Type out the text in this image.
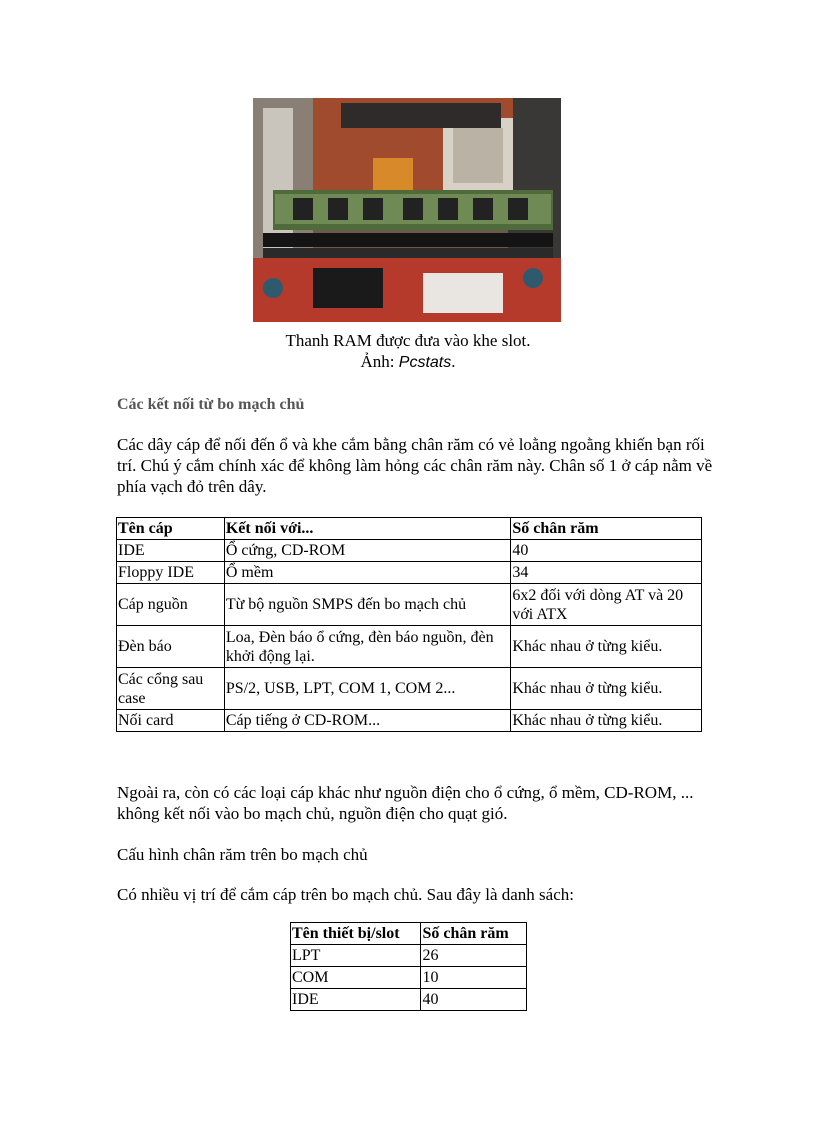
Thanh RAM được đưa vào khe slot.
Ảnh: Pcstats.
Các kết nối từ bo mạch chủ
Các dây cáp để nối đến ổ và khe cắm bằng chân răm có vẻ loằng ngoằng khiến bạn rối trí. Chú ý cắm chính xác để không làm hỏng các chân răm này. Chân số 1 ở cáp nằm về phía vạch đỏ trên dây.
Tên cáp	Kết nối với...	Số chân răm
IDE	Ổ cứng, CD-ROM	40
Floppy IDE	Ổ mềm	34
Cáp nguồn	Từ bộ nguồn SMPS đến bo mạch chủ	6x2 đối với dòng AT và 20 với ATX
Đèn báo	Loa, Đèn báo ổ cứng, đèn báo nguồn, đèn khởi động lại.	Khác nhau ở từng kiểu.
Các cổng sau case	PS/2, USB, LPT, COM 1, COM 2...	Khác nhau ở từng kiểu.
Nối card	Cáp tiếng ở CD-ROM...	Khác nhau ở từng kiểu.
Ngoài ra, còn có các loại cáp khác như nguồn điện cho ổ cứng, ổ mềm, CD-ROM, ... không kết nối vào bo mạch chủ, nguồn điện cho quạt gió.
Cấu hình chân răm trên bo mạch chủ
Có nhiều vị trí để cắm cáp trên bo mạch chủ. Sau đây là danh sách:
Tên thiết bị/slot	Số chân răm
LPT	26
COM	10
IDE	40
